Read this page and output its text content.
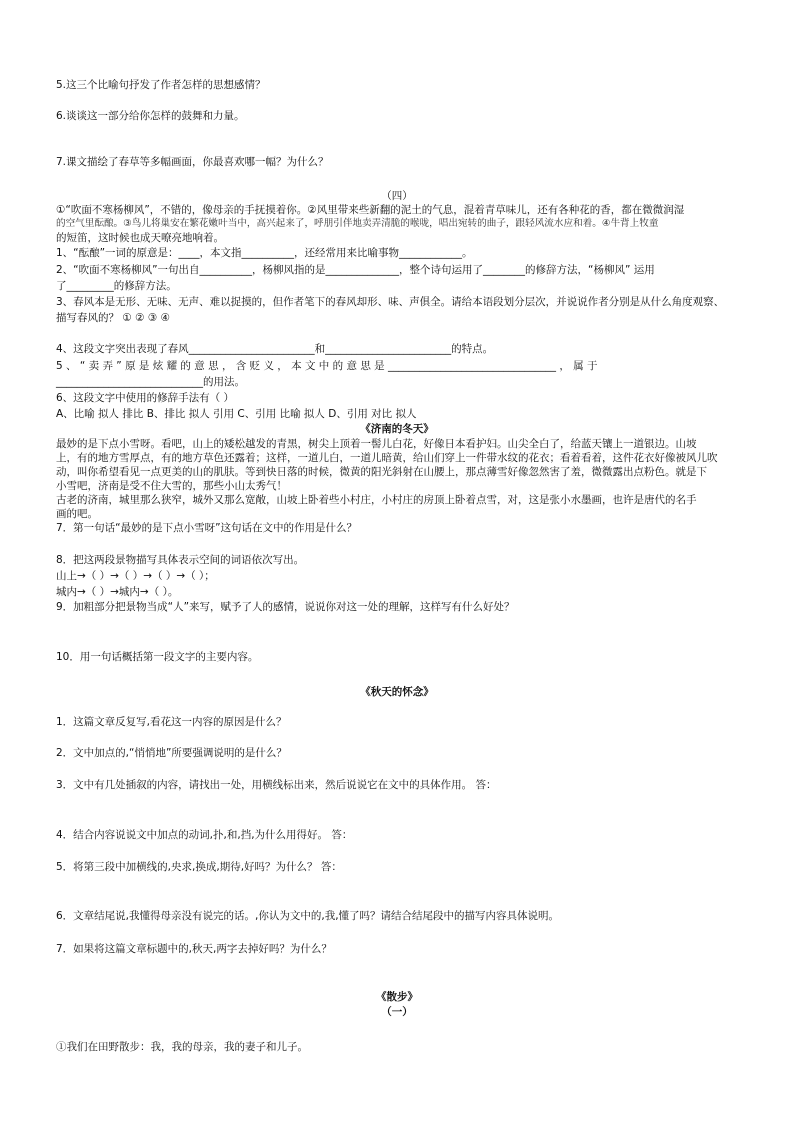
5.这三个比喻句抒发了作者怎样的思想感情？
6.谈谈这一部分给你怎样的鼓舞和力量。
7.课文描绘了春草等多幅画面，你最喜欢哪一幅？为什么？
（四）
①“吹面不寒杨柳风”，不错的，像母亲的手抚摸着你。②风里带来些新翻的泥土的气息，混着青草味儿，还有各种花的香，都在微微润湿
的空气里酝酿。③鸟儿将巢安在繁花嫩叶当中，高兴起来了，呼朋引伴地卖弄清脆的喉咙，唱出宛转的曲子，跟轻风流水应和着。④牛背上牧童
的短笛，这时候也成天嘹亮地响着。
1、“酝酿”一词的原意是：____，本文指__________，还经常用来比喻事物____________。
2、“吹面不寒杨柳风”一句出自__________，杨柳风指的是______________，整个诗句运用了________的修辞方法，“杨柳风” 运用
了_________的修辞方法。
3、春风本是无形、无味、无声、难以捉摸的，但作者笔下的春风却形、味、声俱全。请给本语段划分层次，并说说作者分别是从什么角度观察、
描写春风的？ ① ② ③ ④
4、这段文字突出表现了春风________________________和________________________的特点。
5 、 “ 卖 弄 ” 原 是 炫 耀 的 意 思 ， 含 贬 义 ， 本 文 中 的 意 思 是 ________________________________ ， 属 于
____________________________的用法。
6、这段文字中使用的修辞手法有（ ）
A、比喻 拟人 排比 B、排比 拟人 引用 C、引用 比喻 拟人 D、引用 对比 拟人
《济南的冬天》
最妙的是下点小雪呀。看吧，山上的矮松越发的青黑，树尖上顶着一髻儿白花，好像日本看护妇。山尖全白了，给蓝天镶上一道银边。山坡
上，有的地方雪厚点，有的地方草色还露着；这样，一道儿白，一道儿暗黄，给山们穿上一件带水纹的花衣；看着看着，这件花衣好像被风儿吹
动，叫你希望看见一点更美的山的肌肤。等到快日落的时候，微黄的阳光斜射在山腰上，那点薄雪好像忽然害了羞，微微露出点粉色。就是下
小雪吧，济南是受不住大雪的，那些小山太秀气！
古老的济南，城里那么狭窄，城外又那么宽敞，山坡上卧着些小村庄，小村庄的房顶上卧着点雪，对，这是张小水墨画，也许是唐代的名手
画的吧。
7．第一句话“最妙的是下点小雪呀”这句话在文中的作用是什么？
8．把这两段景物描写具体表示空间的词语依次写出。
山上→（ ）→（ ）→（ ）→（ ）；
城内→（ ）→城内→（ ）。
9．加粗部分把景物当成“人”来写，赋予了人的感情，说说你对这一处的理解，这样写有什么好处？
10．用一句话概括第一段文字的主要内容。
《秋天的怀念》
1．这篇文章反复写,看花这一内容的原因是什么？
2．文中加点的,“悄悄地”所要强调说明的是什么？
3．文中有几处插叙的内容，请找出一处，用横线标出来，然后说说它在文中的具体作用。 答：
4．结合内容说说文中加点的动词,扑,和,挡,为什么用得好。 答：
5．将第三段中加横线的,央求,换成,期待,好吗？为什么？ 答：
6．文章结尾说,我懂得母亲没有说完的话。,你认为文中的,我,懂了吗？请结合结尾段中的描写内容具体说明。
7．如果将这篇文章标题中的,秋天,两字去掉好吗？为什么？
《散步》
（一）
①我们在田野散步：我，我的母亲，我的妻子和儿子。
